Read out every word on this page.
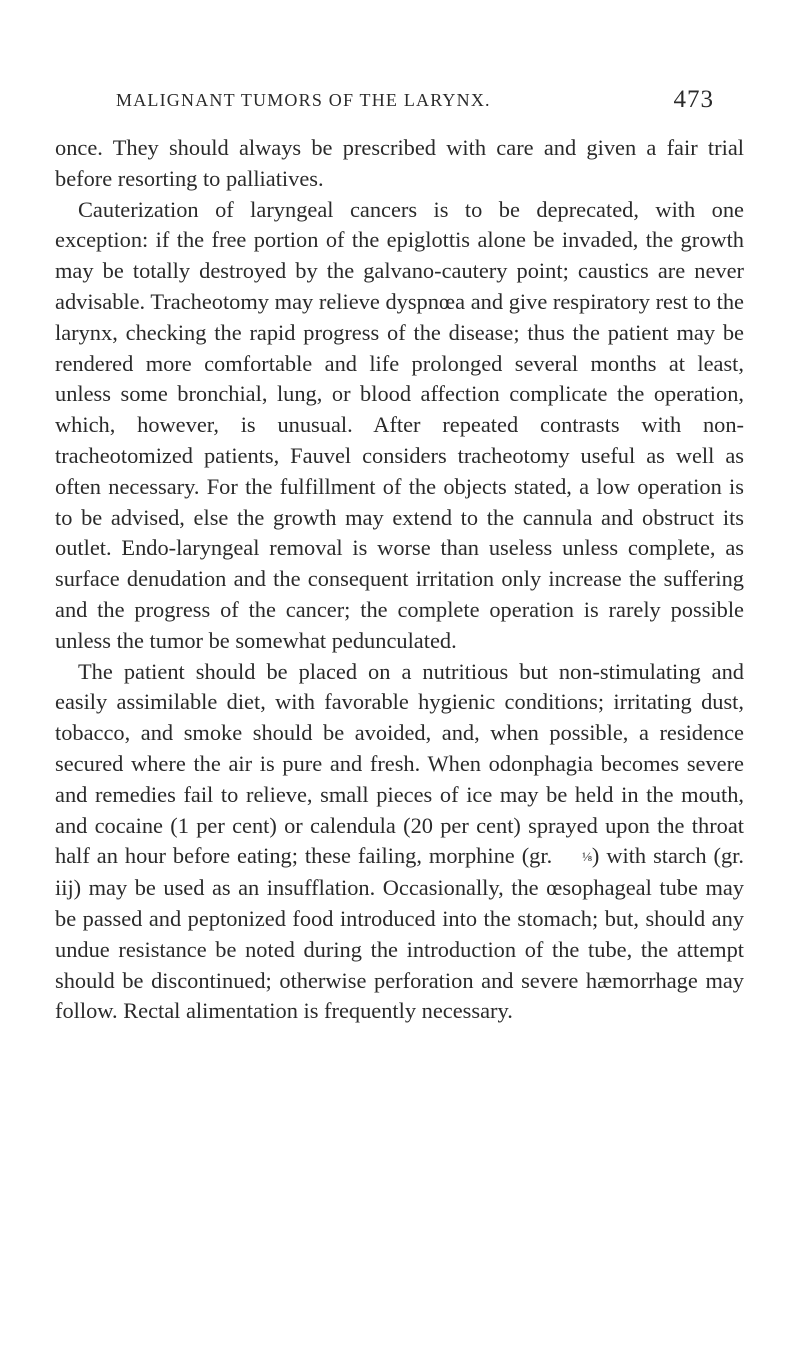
MALIGNANT TUMORS OF THE LARYNX.	473

once. They should always be prescribed with care and given a fair trial before resorting to palliatives.

Cauterization of laryngeal cancers is to be deprecated, with one exception: if the free portion of the epiglottis alone be invaded, the growth may be totally destroyed by the galvano-cautery point; caustics are never advisable. Tracheotomy may relieve dyspnœa and give respiratory rest to the larynx, checking the rapid progress of the disease; thus the patient may be rendered more comfortable and life prolonged several months at least, unless some bronchial, lung, or blood affection complicate the operation, which, however, is unusual. After repeated contrasts with non-tracheotomized patients, Fauvel considers tracheotomy useful as well as often necessary. For the fulfillment of the objects stated, a low operation is to be advised, else the growth may extend to the cannula and obstruct its outlet. Endo-laryngeal removal is worse than useless unless complete, as surface denudation and the consequent irritation only increase the suffering and the progress of the cancer; the complete operation is rarely possible unless the tumor be somewhat pedunculated.

The patient should be placed on a nutritious but non-stimulating and easily assimilable diet, with favorable hygienic conditions; irritating dust, tobacco, and smoke should be avoided, and, when possible, a residence secured where the air is pure and fresh. When odonphagia becomes severe and remedies fail to relieve, small pieces of ice may be held in the mouth, and cocaine (1 per cent) or calendula (20 per cent) sprayed upon the throat half an hour before eating; these failing, morphine (gr. ⅛) with starch (gr. iij) may be used as an insufflation. Occasionally, the œsophageal tube may be passed and peptonized food introduced into the stomach; but, should any undue resistance be noted during the introduction of the tube, the attempt should be discontinued; otherwise perforation and severe hæmorrhage may follow. Rectal alimentation is frequently necessary.
